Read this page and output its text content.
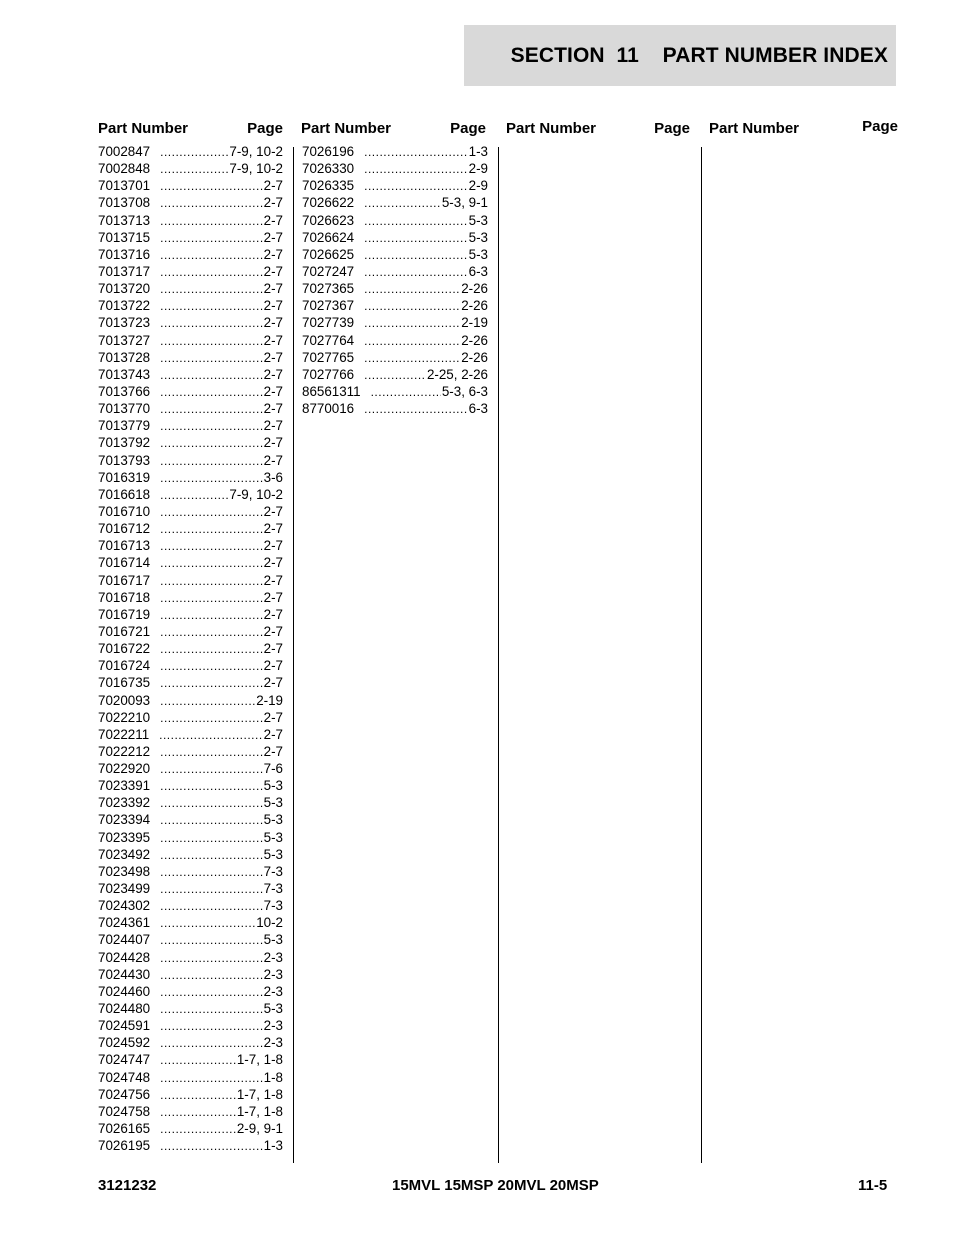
SECTION  11    PART NUMBER INDEX
Part Number	Page Part Number	Page Part Number	Page Part Number	Page
7002847 .....	7-9, 10-2
7002848 .....	7-9, 10-2
7013701 .....	2-7
7013708 .....	2-7
7013713 .....	2-7
7013715 .....	2-7
7013716 .....	2-7
7013717 .....	2-7
7013720 .....	2-7
7013722 .....	2-7
7013723 .....	2-7
7013727 .....	2-7
7013728 .....	2-7
7013743 .....	2-7
7013766 .....	2-7
7013770 .....	2-7
7013779 .....	2-7
7013792 .....	2-7
7013793 .....	2-7
7016319 .....	3-6
7016618 .....	7-9, 10-2
7016710 .....	2-7
7016712 .....	2-7
7016713 .....	2-7
7016714 .....	2-7
7016717 .....	2-7
7016718 .....	2-7
7016719 .....	2-7
7016721 .....	2-7
7016722 .....	2-7
7016724 .....	2-7
7016735 .....	2-7
7020093 .....	2-19
7022210 .....	2-7
7022211 .....	2-7
7022212 .....	2-7
7022920 .....	7-6
7023391 .....	5-3
7023392 .....	5-3
7023394 .....	5-3
7023395 .....	5-3
7023492 .....	5-3
7023498 .....	7-3
7023499 .....	7-3
7024302 .....	7-3
7024361 .....	10-2
7024407 .....	5-3
7024428 .....	2-3
7024430 .....	2-3
7024460 .....	2-3
7024480 .....	5-3
7024591 .....	2-3
7024592 .....	2-3
7024747 .....	1-7, 1-8
7024748 .....	1-8
7024756 .....	1-7, 1-8
7024758 .....	1-7, 1-8
7026165 .....	2-9, 9-1
7026195 .....	1-3
7026196 .....	1-3
7026330 .....	2-9
7026335 .....	2-9
7026622 .....	5-3, 9-1
7026623 .....	5-3
7026624 .....	5-3
7026625 .....	5-3
7027247 .....	6-3
7027365 .....	2-26
7027367 .....	2-26
7027739 .....	2-19
7027764 .....	2-26
7027765 .....	2-26
7027766 .....	2-25, 2-26
86561311 .....	5-3, 6-3
8770016 .....	6-3
3121232	15MVL 15MSP 20MVL 20MSP	11-5
